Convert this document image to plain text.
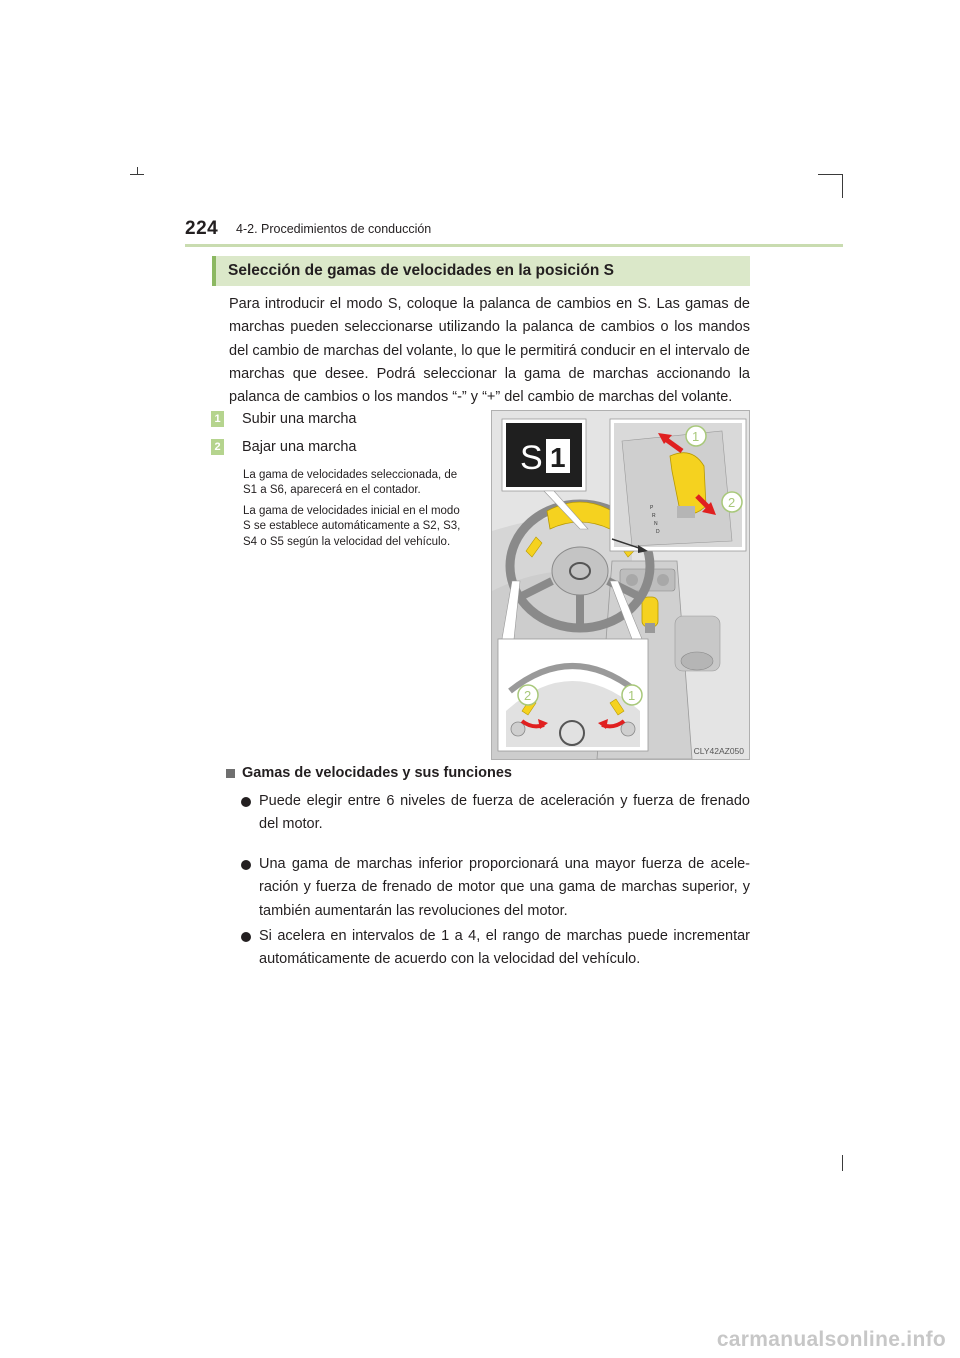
224 4-2. Procedimientos de conducción
Selección de gamas de velocidades en la posición S

Para introducir el modo S, coloque la palanca de cambios en S. Las gamas de marchas pueden seleccionarse utilizando la palanca de cambios o los mandos del cambio de marchas del volante, lo que le permitirá conducir en el intervalo de marchas que desee. Podrá seleccionar la gama de marchas accionando la palanca de cambios o los mandos “-” y “+” del cambio de marchas del volante.

1 Subir una marcha
2 Bajar una marcha

La gama de velocidades seleccionada, de S1 a S6, aparecerá en el contador.

La gama de velocidades inicial en el modo S se establece automáticamente a S2, S3, S4 o S5 según la velocidad del vehículo.

S 1
P
R
N
D
1
2
2	1
CLY42AZ050
Gamas de velocidades y sus funciones
Puede elegir entre 6 niveles de fuerza de aceleración y fuerza de frenado del motor.
Una gama de marchas inferior proporcionará una mayor fuerza de acele-ración y fuerza de frenado de motor que una gama de marchas superior, y también aumentarán las revoluciones del motor.
Si acelera en intervalos de 1 a 4, el rango de marchas puede incrementar automáticamente de acuerdo con la velocidad del vehículo.
carmanualsonline.info
